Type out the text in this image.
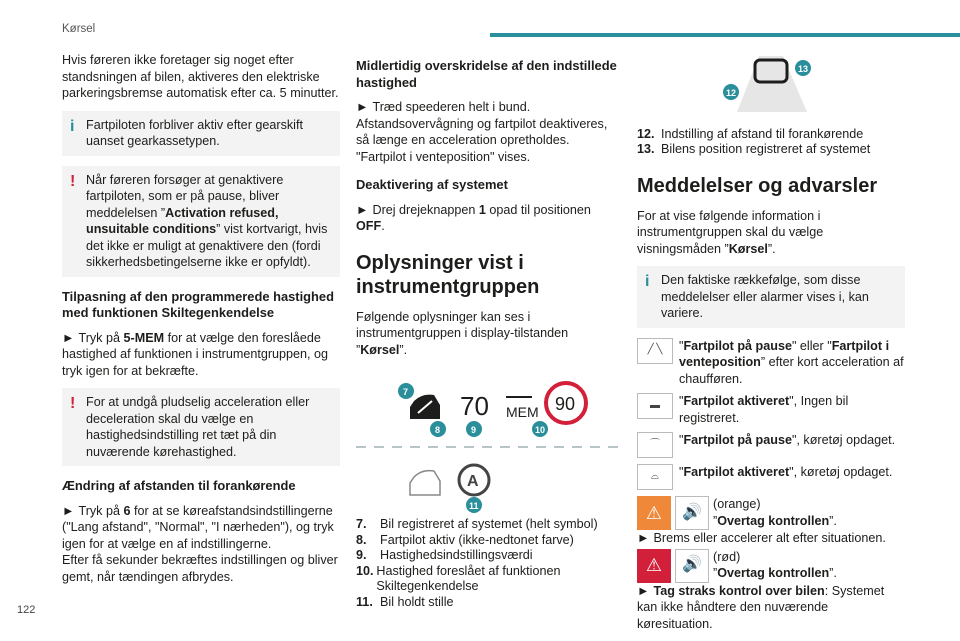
Kørsel
122

Hvis føreren ikke foretager sig noget efter standsningen af bilen, aktiveres den elektriske parkeringsbremse automatisk efter ca. 5 minutter.

i Fartpiloten forbliver aktiv efter gearskift uanset gearkassetypen.
! Når føreren forsøger at genaktivere fartpiloten, som er på pause, bliver meddelelsen ”Activation refused, unsuitable conditions” vist kortvarigt, hvis det ikke er muligt at genaktivere den (fordi sikkerhedsbetingelserne ikke er opfyldt).
Tilpasning af den programmerede hastighed med funktionen Skiltegenkendelse

► Tryk på 5-MEM for at vælge den foreslåede hastighed af funktionen i instrumentgruppen, og tryk igen for at bekræfte.

! For at undgå pludselig acceleration eller deceleration skal du vælge en hastighedsindstilling ret tæt på din nuværende kørehastighed.
Ændring af afstanden til forankørende

► Tryk på 6 for at se køreafstandsindstillingerne ("Lang afstand", "Normal", "I nærheden"), og tryk igen for at vælge en af indstillingerne.

Efter få sekunder bekræftes indstillingen og bliver gemt, når tændingen afbrydes.

Midlertidig overskridelse af den indstillede hastighed

► Træd speederen helt i bund.

Afstandsovervågning og fartpilot deaktiveres, så længe en acceleration opretholdes. "Fartpilot i venteposition" vises.

Deaktivering af systemet

► Drej drejeknappen 1 opad til positionen OFF.

Oplysninger vist i instrumentgruppen

Følgende oplysninger kan ses i instrumentgruppen i display-tilstanden ”Kørsel”.

70 MEM 90
7
8	9	10
A
11
7.	Bil registreret af systemet (helt symbol)
8.	Fartpilot aktiv (ikke-nedtonet farve)
9.	Hastighedsindstillingsværdi
10. Hastighed foreslået af funktionen Skiltegenkendelse
11. Bil holdt stille
13
12
12. Indstilling af afstand til forankørende
13. Bilens position registreret af systemet
Meddelelser og advarsler

For at vise følgende information i instrumentgruppen skal du vælge visningsmåden ”Kørsel”.

i Den faktiske rækkefølge, som disse meddelelser eller alarmer vises i, kan variere.
╱ ╲	"Fartpilot på pause" eller "Fartpilot i venteposition” efter kort acceleration af chaufføren.
▬	"Fartpilot aktiveret", Ingen bil registreret.
⌒	"Fartpilot på pause", køretøj opdaget.
⌓	"Fartpilot aktiveret", køretøj opdaget.
⚠ 🔊 (orange)
”Overtag kontrollen”.

► Brems eller accelerer alt efter situationen.

⚠ 🔊 (rød)
”Overtag kontrollen”.

► Tag straks kontrol over bilen: Systemet kan ikke håndtere den nuværende køresituation.
